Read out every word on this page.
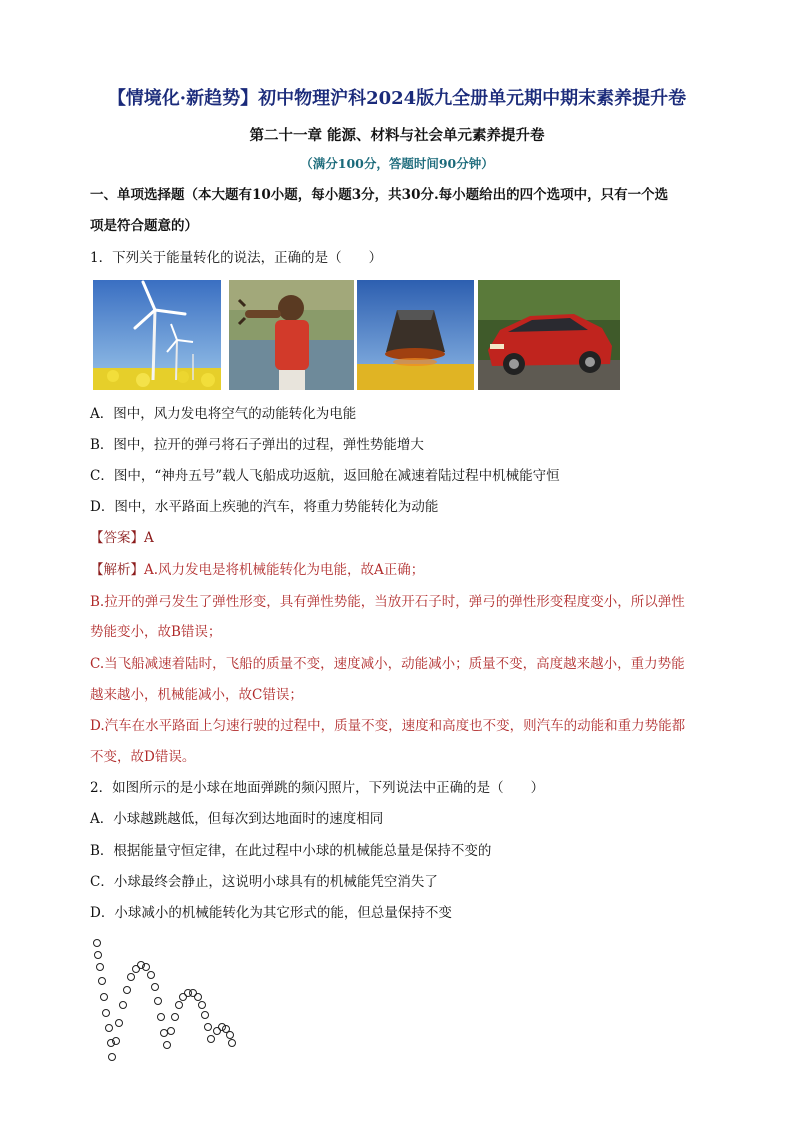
【情境化·新趋势】初中物理沪科2024版九全册单元期中期末素养提升卷
第二十一章 能源、材料与社会单元素养提升卷
（满分100分，答题时间90分钟）
一、单项选择题（本大题有10小题，每小题3分，共30分.每小题给出的四个选项中，只有一个选
项是符合题意的）
1．下列关于能量转化的说法，正确的是（　　）
A．图中，风力发电将空气的动能转化为电能
B．图中，拉开的弹弓将石子弹出的过程，弹性势能增大
C．图中，“神舟五号”载人飞船成功返航，返回舱在减速着陆过程中机械能守恒
D．图中，水平路面上疾驰的汽车，将重力势能转化为动能
【答案】A
【解析】A.风力发电是将机械能转化为电能，故A正确；
B.拉开的弹弓发生了弹性形变，具有弹性势能，当放开石子时，弹弓的弹性形变程度变小，所以弹性
势能变小，故B错误；
C.当飞船减速着陆时，飞船的质量不变，速度减小，动能减小；质量不变，高度越来越小，重力势能
越来越小，机械能减小，故C错误；
D.汽车在水平路面上匀速行驶的过程中，质量不变，速度和高度也不变，则汽车的动能和重力势能都
不变，故D错误。
2．如图所示的是小球在地面弹跳的频闪照片，下列说法中正确的是（　　）
A．小球越跳越低，但每次到达地面时的速度相同
B．根据能量守恒定律，在此过程中小球的机械能总量是保持不变的
C．小球最终会静止，这说明小球具有的机械能凭空消失了
D．小球减小的机械能转化为其它形式的能，但总量保持不变
